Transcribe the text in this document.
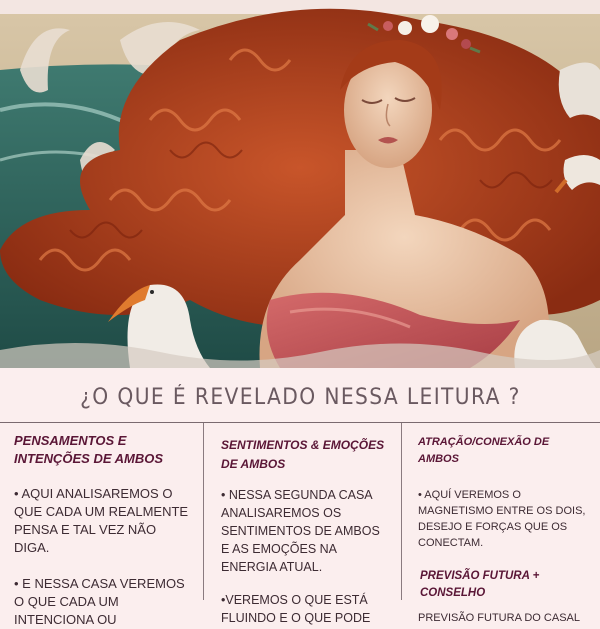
¿O QUE É REVELADO NESSA LEITURA ?

PENSAMENTOS E INTENÇÕES DE AMBOS

• AQUI ANALISAREMOS O QUE CADA UM REALMENTE PENSA E TAL VEZ NÃO DIGA.

• E NESSA CASA VEREMOS O QUE CADA UM INTENCIONA OU

SENTIMENTOS & EMOÇÕES DE AMBOS

• NESSA SEGUNDA CASA ANALISAREMOS OS SENTIMENTOS DE AMBOS E AS EMOÇÕES NA ENERGIA ATUAL.

•VEREMOS O QUE ESTÁ FLUINDO E O QUE PODE

ATRAÇÃO/CONEXÃO DE AMBOS

• AQUÍ VEREMOS O MAGNETISMO ENTRE OS DOIS, DESEJO E FORÇAS QUE OS CONECTAM.

PREVISÃO FUTURA + CONSELHO

PREVISÃO FUTURA DO CASAL
